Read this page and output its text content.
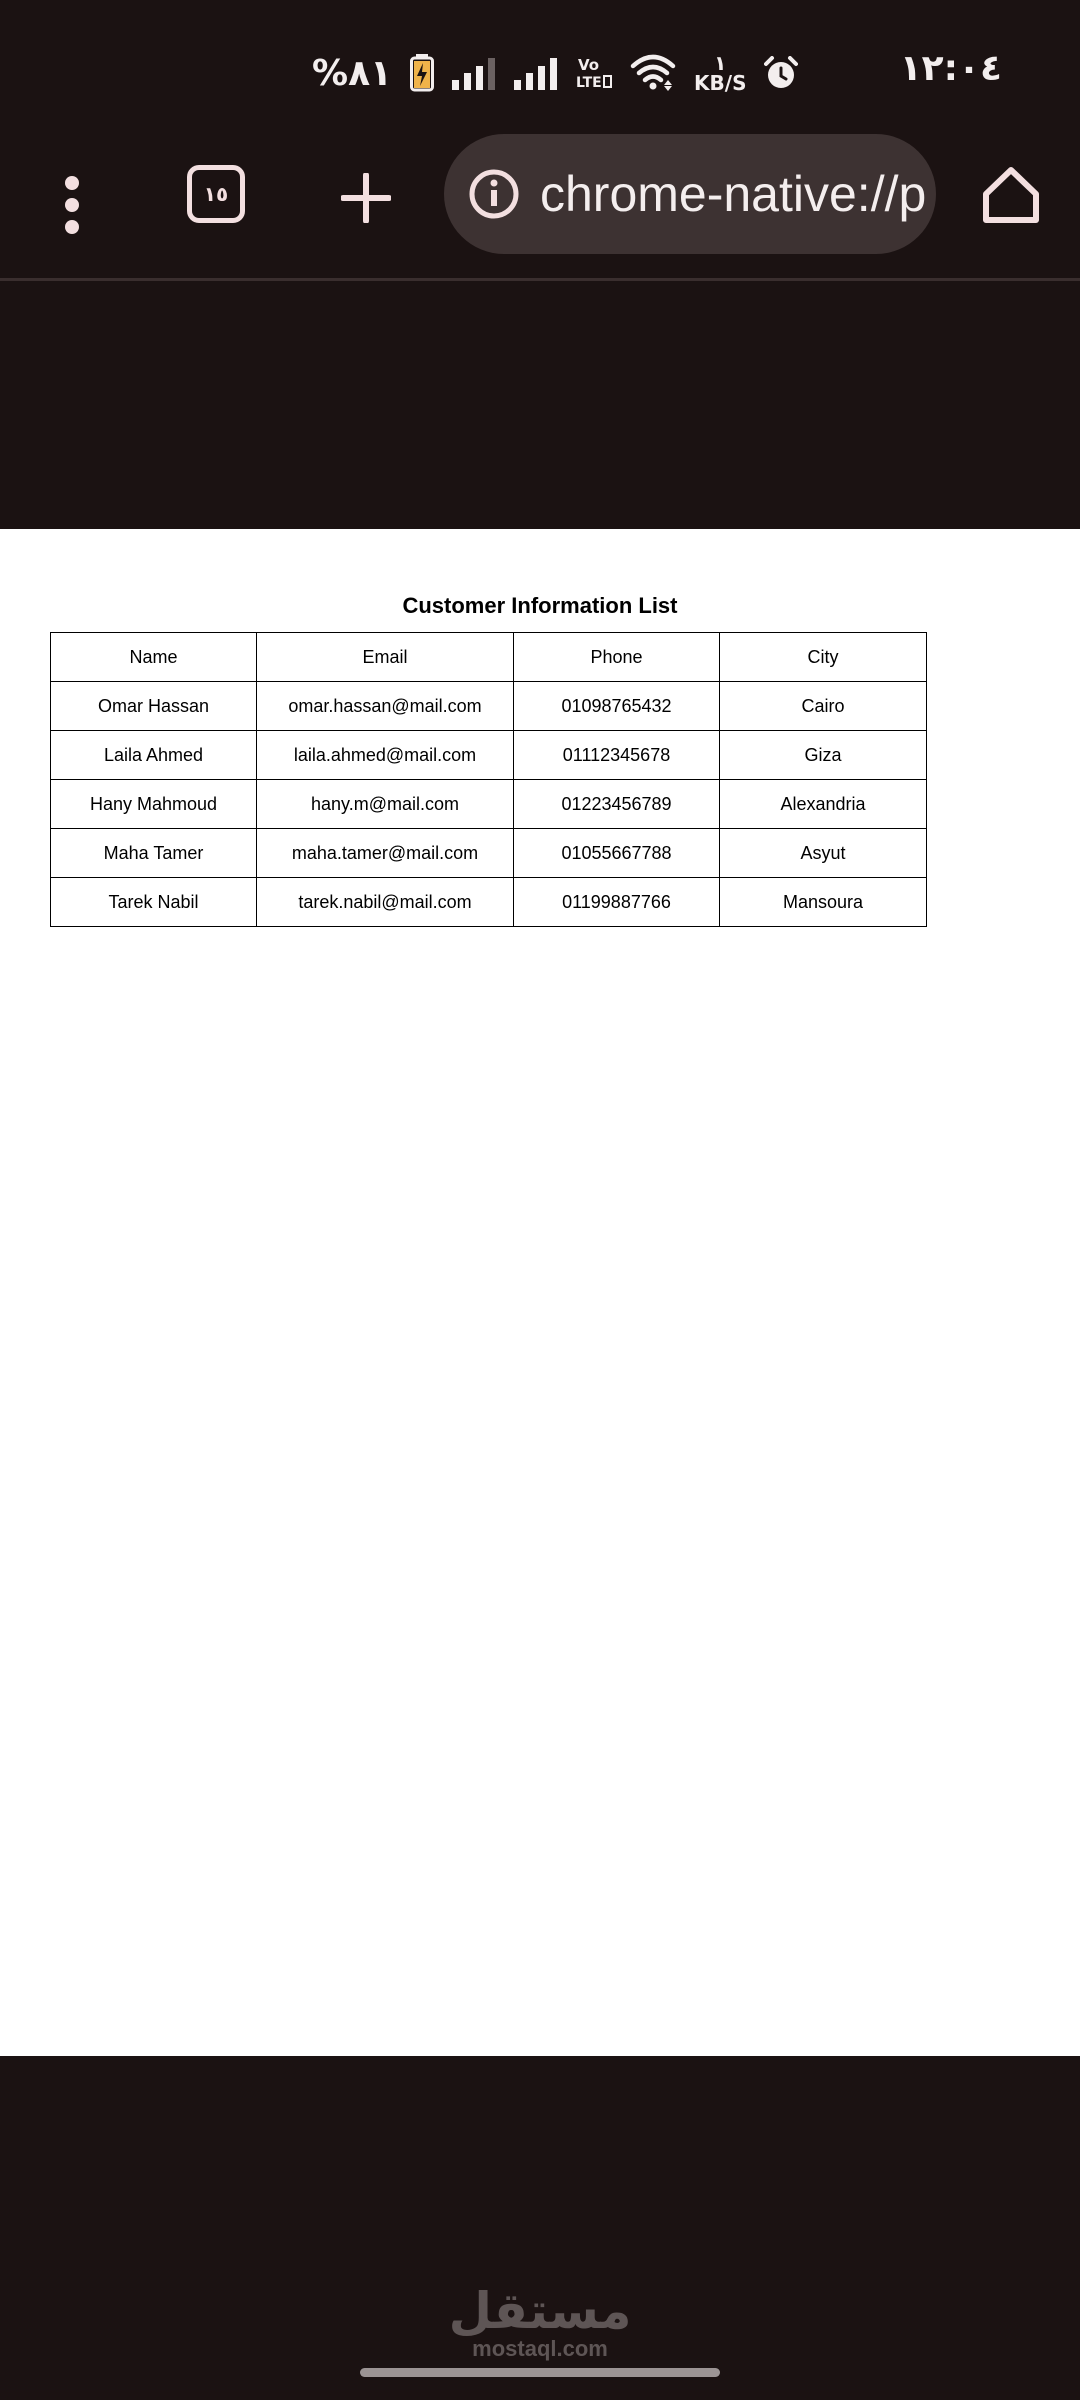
%٨١	Vo
LTE
١
KB/S	١٢:٠٤
١٥	chrome-native://p
Customer Information List
Name	Email	Phone	City
Omar Hassan	omar.hassan@mail.com	01098765432	Cairo
Laila Ahmed	laila.ahmed@mail.com	01112345678	Giza
Hany Mahmoud	hany.m@mail.com	01223456789	Alexandria
Maha Tamer	maha.tamer@mail.com	01055667788	Asyut
Tarek Nabil	tarek.nabil@mail.com	01199887766	Mansoura
مستقل
mostaql.com
